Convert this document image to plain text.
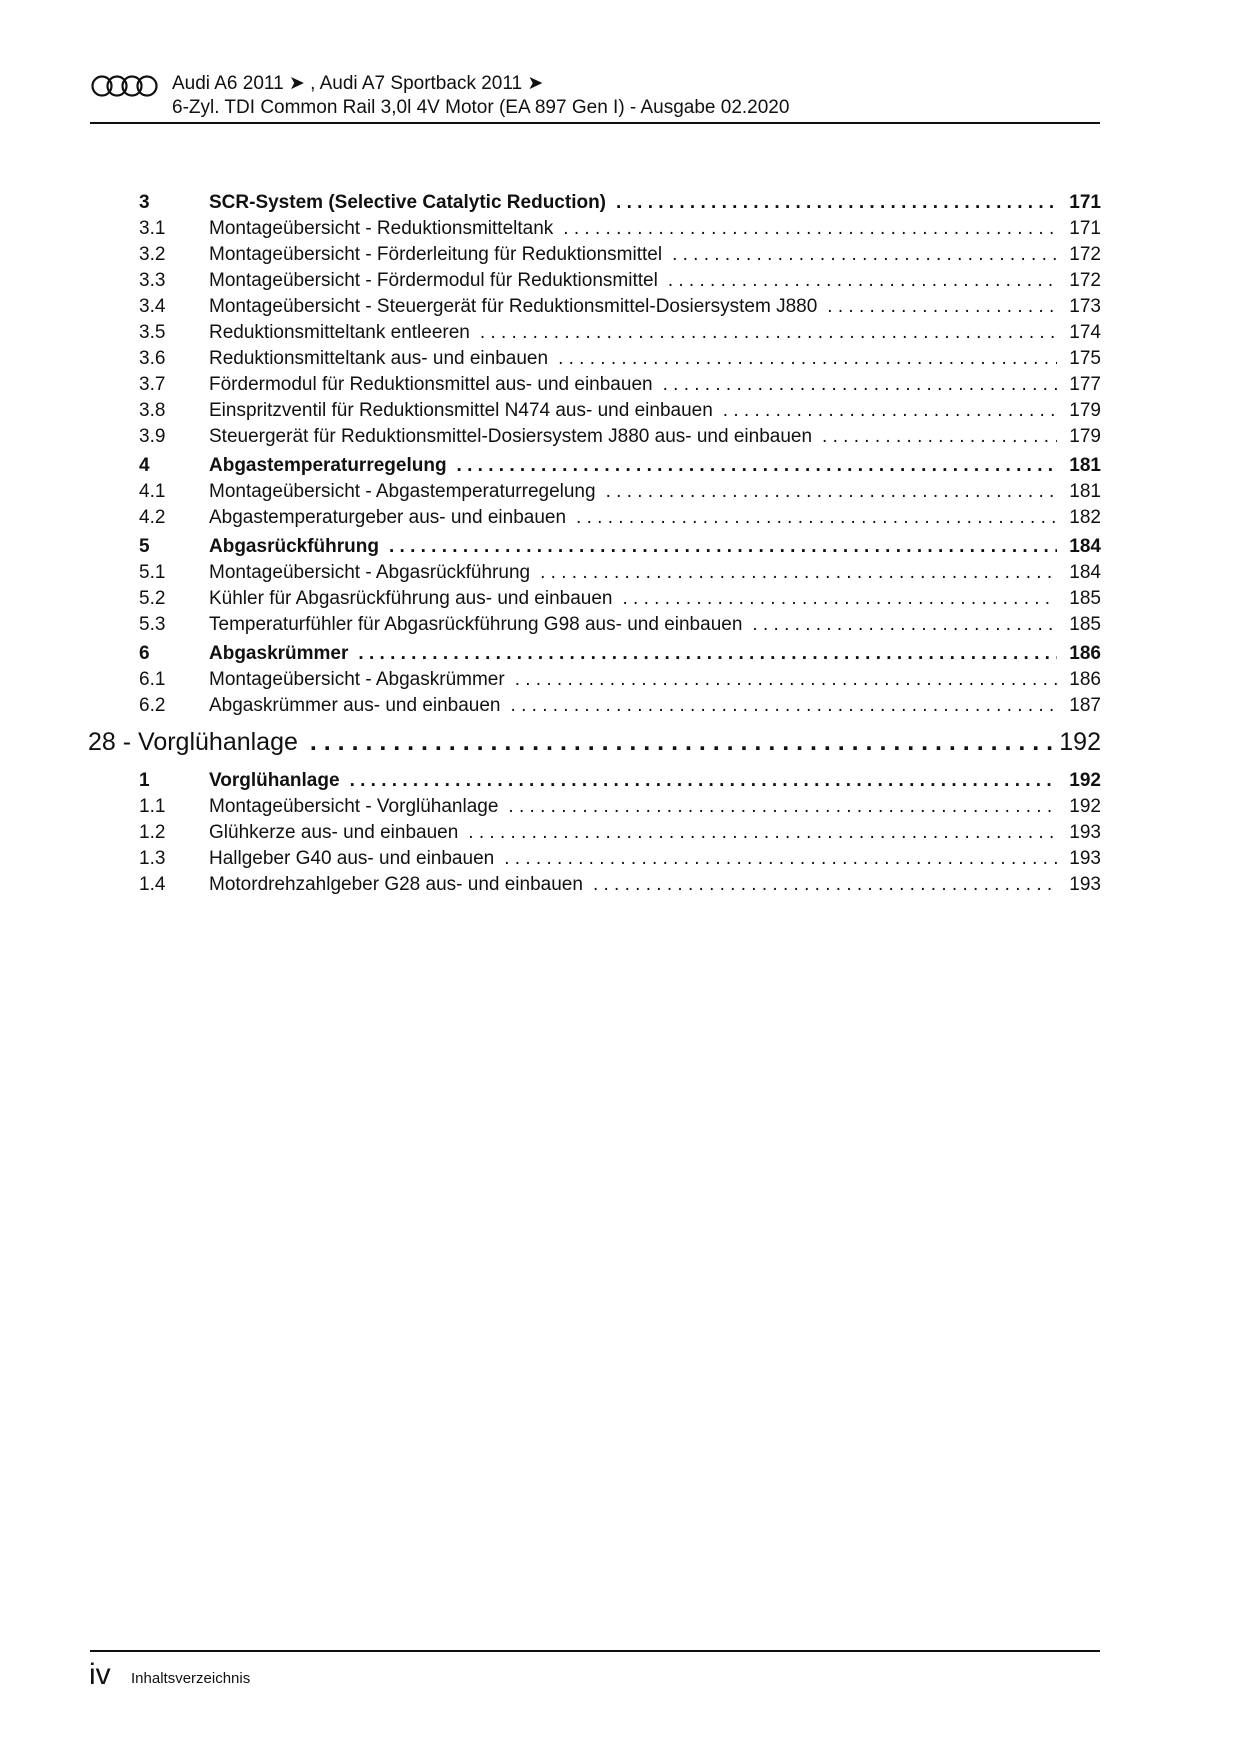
Audi A6 2011 ➤ , Audi A7 Sportback 2011 ➤
6-Zyl. TDI Common Rail 3,0l 4V Motor (EA 897 Gen I) - Ausgabe 02.2020
3	SCR-System (Selective Catalytic Reduction) . . .	171
3.1 Montageübersicht - Reduktionsmitteltank . . .	171
3.2 Montageübersicht - Förderleitung für Reduktionsmittel . . .	172
3.3 Montageübersicht - Fördermodul für Reduktionsmittel . . .	172
3.4 Montageübersicht - Steuergerät für Reduktionsmittel-Dosiersystem J880 . . .	173
3.5 Reduktionsmitteltank entleeren . . .	174
3.6 Reduktionsmitteltank aus- und einbauen . . .	175
3.7 Fördermodul für Reduktionsmittel aus- und einbauen . . .	177
3.8 Einspritzventil für Reduktionsmittel N474 aus- und einbauen . . .	179
3.9 Steuergerät für Reduktionsmittel-Dosiersystem J880 aus- und einbauen . . .	179
4	Abgastemperaturregelung . . .	181
4.1 Montageübersicht - Abgastemperaturregelung . . .	181
4.2 Abgastemperaturgeber aus- und einbauen . . .	182
5	Abgasrückführung . . .	184
5.1 Montageübersicht - Abgasrückführung . . .	184
5.2 Kühler für Abgasrückführung aus- und einbauen . . .	185
5.3 Temperaturfühler für Abgasrückführung G98 aus- und einbauen . . .	185
6	Abgaskrümmer . . .	186
6.1 Montageübersicht - Abgaskrümmer . . .	186
6.2 Abgaskrümmer aus- und einbauen . . .	187
28 - Vorglühanlage . . .	192
1	Vorglühanlage . . .	192
1.1 Montageübersicht - Vorglühanlage . . .	192
1.2 Glühkerze aus- und einbauen . . .	193
1.3 Hallgeber G40 aus- und einbauen . . .	193
1.4 Motordrehzahlgeber G28 aus- und einbauen . . .	193
iv Inhaltsverzeichnis
